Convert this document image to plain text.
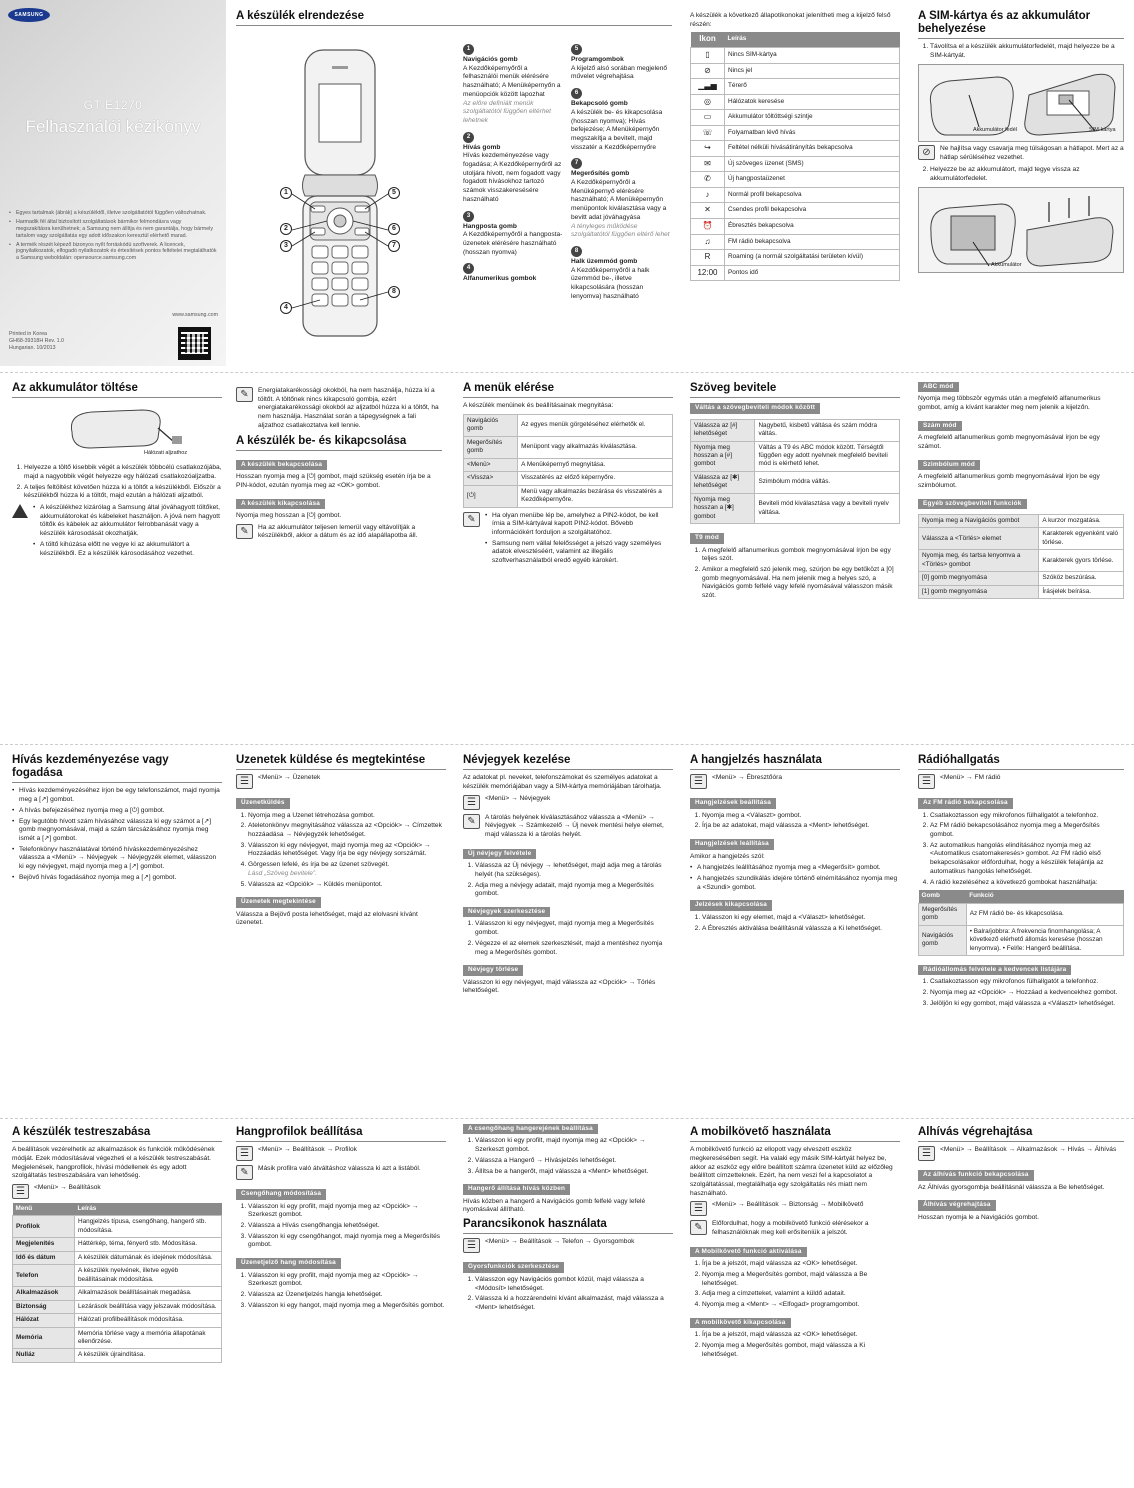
SAMSUNG
GT-E1270
Felhasználói kézikönyv
• Egyes tartalmak (ábrák) a készüléktől, illetve szolgáltatótól függően változhatnak.
• Harmadik fél által biztosított szolgáltatások bármikor felmondásra vagy megszakításra kerülhetnek; a Samsung nem állítja és nem garantálja, hogy bármely tartalom vagy szolgáltatás egy adott időszakon keresztül elérhető marad.
• A termék részét képező bizonyos nyílt forráskódú szoftverek. A licencek, jognyilatkozatok, elfogadó nyilatkozatok és értesítések pontos feltételei megtalálhatók a Samsung weboldalán: opensource.samsung.com
www.samsung.com
Printed in Korea
GH68-39318H Rev. 1.0
Hungarian. 10/2013
A készülék elrendezése
1
2
3
4
5
6
7
8
1
Navigációs gomb
A Kezdőképernyőről a felhasználói menük elérésére használható; A Menüképernyőn a menüopciók között lapozhat
Az előre definiált menük szolgáltatótól függően eltérhet lehetnek
2
Hívás gomb
Hívás kezdeményezése vagy fogadása; A Kezdőképernyőről az utoljára hívott, nem fogadott vagy fogadott hívásokhoz tartozó számok visszakeresésére használható
3
Hangposta gomb
A Kezdőképernyőről a hangposta-üzenetek elérésére használható (hosszan nyomva)
4
Alfanumerikus gombok
5
Programgombok
A kijelző alsó sorában megjelenő művelet végrehajtása
6
Bekapcsoló gomb
A készülék be- és kikapcsolása (hosszan nyomva); Hívás befejezése; A Menüképernyőn megszakítja a bevitelt, majd visszatér a Kezdőképernyőre
7
Megerősítés gomb
A Kezdőképernyőről a Menüképernyő elérésére használható; A Menüképernyőn menüpontok kiválasztása vagy a bevitt adat jóváhagyása
A tényleges működése szolgáltatótól függően eltérő lehet
8
Halk üzemmód gomb
A Kezdőképernyőről a halk üzemmód be-, illetve kikapcsolására (hosszan lenyomva) használható

A készülék a következő állapotikonokat jelenítheti meg a kijelző felső részén:

Ikon	Leírás
▯	Nincs SIM-kártya
⊘	Nincs jel
▁▃▅	Térerő
◎	Hálózatok keresése
▭	Akkumulátor töltöttségi szintje
☏	Folyamatban lévő hívás
↪	Feltétel nélküli hívásátirányítás bekapcsolva
✉	Új szöveges üzenet (SMS)
✆	Új hangpostaüzenet
♪	Normál profil bekapcsolva
✕	Csendes profil bekapcsolva
⏰	Ébresztés bekapcsolva
♫	FM rádió bekapcsolva
R	Roaming (a normál szolgáltatási területen kívül)
12:00	Pontos idő
A SIM-kártya és az akkumulátor behelyezése
1. Távolítsa el a készülék akkumulátorfedelét, majd helyezze be a SIM-kártyát.
Akkumulátor fedél	SIM-kártya
⊘	Ne hajlítsa vagy csavarja meg túlságosan a hátlapot. Mert az a hátlap sérüléséhez vezethet.
2. Helyezze be az akkumulátort, majd tegye vissza az akkumulátorfedelet.
Akkumulátor
Az akkumulátor töltése
Hálózati aljzathoz
1. Helyezze a töltő kisebbik végét a készülék többcélú csatlakozójába, majd a nagyobbik végét helyezze egy hálózati csatlakozóaljzatba.
2. A teljes feltöltést követően húzza ki a töltőt a készülékből. Először a készülékből húzza ki a töltőt, majd ezután a hálózati aljzatból.
• A készülékhez kizárólag a Samsung által jóváhagyott töltőket, akkumulátorokat és kábeleket használjon. A jóvá nem hagyott töltők és kábelek az akkumulátor felrobbanását vagy a készülék károsodását okozhatják.
• A töltő kihúzása előtt ne vegye ki az akkumulátort a készülékből. Ez a készülék károsodásához vezethet.
✎	Energiatakarékossági okokból, ha nem használja, húzza ki a töltőt. A töltőnek nincs kikapcsoló gombja, ezért energiatakarékossági okokból az aljzatból húzza ki a töltőt, ha nem használja. Használat során a tápegységnek a fali aljzathoz csatlakoztatva kell lennie.
A készülék be- és kikapcsolása
A készülék bekapcsolása

Hosszan nyomja meg a [⏻] gombot, majd szükség esetén írja be a PIN-kódot, ezután nyomja meg az <OK> gombot.

A készülék kikapcsolása

Nyomja meg hosszan a [⏻] gombot.

✎	Ha az akkumulátor teljesen lemerül vagy eltávolítják a készülékből, akkor a dátum és az idő alapállapotba áll.
A menük elérése

A készülék menüinek és beállításainak megnyitása:

Navigációs gomb	Az egyes menük görgetéséhez elérhetők el.
Megerősítés gomb	Menüpont vagy alkalmazás kiválasztása.
<Menü>	A Menüképernyő megnyitása.
<Vissza>	Visszatérés az előző képernyőre.
[⏻]	Menü vagy alkalmazás bezárása és visszatérés a Kezdőképernyőre.
✎	• Ha olyan menübe lép be, amelyhez a PIN2-kódot, be kell írnia a SIM-kártyával kapott PIN2-kódot. Bővebb információkért forduljon a szolgáltatóhoz.
• Samsung nem vállal felelősséget a jelszó vagy személyes adatok elvesztéséért, valamint az illegális szoftverhasználatból eredő egyéb károkért.
Szöveg bevitele
Váltás a szövegbeviteli módok között
Válassza az [#] lehetőséget	Nagybetű, kisbetű váltása és szám módra váltás.
Nyomja meg hosszan a [#] gombot	Váltás a T9 és ABC módok között. Térségtől függően egy adott nyelvnek megfelelő beviteli mód is elérhető lehet.
Válassza az [✱] lehetőséget	Szimbólum módra váltás.
Nyomja meg hosszan a [✱] gombot	Beviteli mód kiválasztása vagy a beviteli nyelv váltása.
T9 mód
1. A megfelelő alfanumerikus gombok megnyomásával írjon be egy teljes szót.
2. Amikor a megfelelő szó jelenik meg, szúrjon be egy betűközt a [0] gomb megnyomásával. Ha nem jelenik meg a helyes szó, a Navigációs gomb felfelé vagy lefelé nyomásával válasszon másik szót.
ABC mód

Nyomja meg többször egymás után a megfelelő alfanumerikus gombot, amíg a kívánt karakter meg nem jelenik a kijelzőn.

Szám mód

A megfelelő alfanumerikus gomb megnyomásával írjon be egy számot.

Szimbólum mód

A megfelelő alfanumerikus gomb megnyomásával írjon be egy szimbólumot.

Egyéb szövegbeviteli funkciók
Nyomja meg a Navigációs gombot	A kurzor mozgatása.
Válassza a <Törlés> elemet	Karakterek egyenként való törlése.
Nyomja meg, és tartsa lenyomva a <Törlés> gombot	Karakterek gyors törlése.
[0] gomb megnyomása	Szóköz beszúrása.
[1] gomb megnyomása	Írásjelek beírása.
Hívás kezdeményezése vagy fogadása
• Hívás kezdeményezéséhez írjon be egy telefonszámot, majd nyomja meg a [↗] gombot.
• A hívás befejezéséhez nyomja meg a [⏻] gombot.
• Egy legutóbb hívott szám hívásához válassza ki egy számot a [↗] gomb megnyomásával, majd a szám tárcsázásához nyomja meg ismét a [↗] gombot.
• Telefonkönyv használatával történő híváskezdeményezéshez válassza a <Menü> → Névjegyek → Névjegyzék elemet, válasszon ki egy névjegyet, majd nyomja meg a [↗] gombot.
• Bejövő hívás fogadásához nyomja meg a [↗] gombot.
Üzenetek küldése és megtekintése
☰	<Menü> → Üzenetek
Üzenetküldés
1. Nyomja meg a Uzenet létrehozása gombot.
2. Ateletonkönyv megnyitásához válassza az <Opciók> → Címzettek hozzáadása → Névjegyzék lehetőséget.
3. Válasszon ki egy névjegyet, majd nyomja meg az <Opciók> → Hozzáadás lehetőséget. Vagy írja be egy névjegy sorszámát.
4. Görgessen lefelé, és írja be az üzenet szövegét.
Lásd „Szöveg bevitele”.
5. Válassza az <Opciók> → Küldés menüpontot.
Üzenetek megtekintése

Válassza a Bejövő posta lehetőséget, majd az elolvasni kívánt üzenetet.

Névjegyek kezelése

Az adatokat pl. neveket, telefonszámokat és személyes adatokat a készülék memóriájában vagy a SIM-kártya memóriájában tárolhatja.

☰	<Menü> → Névjegyek
✎	A tárolás helyének kiválasztásához válassza a <Menü> → Névjegyek → Számkezelő → Új nevek mentési helye elemet, majd válassza ki a tárolás helyét.
Új névjegy felvétele
1. Válassza az Új névjegy → lehetőséget, majd adja meg a tárolás helyét (ha szükséges).
2. Adja meg a névjegy adatait, majd nyomja meg a Megerősítés gombot.
Névjegyek szerkesztése
1. Válasszon ki egy névjegyet, majd nyomja meg a Megerősítés gombot.
2. Végezze el az elemek szerkesztését, majd a mentéshez nyomja meg a Megerősítés gombot.
Névjegy törlése

Válasszon ki egy névjegyet, majd válassza az <Opciók> → Törlés lehetőséget.

A hangjelzés használata
☰	<Menü> → Ébresztőóra
Hangjelzések beállítása
1. Nyomja meg a <Választ> gombot.
2. Írja be az adatokat, majd válassza a <Ment> lehetőséget.
Hangjelzések leállítása

Amikor a hangjelzés szól:

• A hangjelzés leállításához nyomja meg a <Megerősít> gombot.
• A hangjelzés szundikálás idejére történő elnémításához nyomja meg a <Szundi> gombot.
Jelzések kikapcsolása
1. Válasszon ki egy elemet, majd a <Választ> lehetőséget.
2. A Ébresztés aktiválása beállításnál válassza a Ki lehetőséget.
Rádióhallgatás
☰	<Menü> → FM rádió
Az FM rádió bekapcsolása
1. Csatlakoztasson egy mikrofonos fülhallgatót a telefonhoz.
2. Az FM rádió bekapcsolásához nyomja meg a Megerősítés gombot.
3. Az automatikus hangolás elindításához nyomja meg az <Automatikus csatornakeresés> gombot. Az FM rádió első bekapcsolásakor előfordulhat, hogy a készülék felajánlja az automatikus hangolás lehetőségét.
4. A rádió kezeléséhez a következő gombokat használhatja:
Gomb	Funkció
Megerősítés gomb	Az FM rádió be- és kikapcsolása.
Navigációs gomb	• Balra/jobbra: A frekvencia finomhangolása; A következő elérhető állomás keresése (hosszan lenyomva). • Fel/le: Hangerő beállítása.
Rádióállomás felvétele a kedvencek listájára
1. Csatlakoztasson egy mikrofonos fülhallgatót a telefonhoz.
2. Nyomja meg az <Opciók> → Hozzáad a kedvencekhez gombot.
3. Jelöljön ki egy gombot, majd válassza a <Választ> lehetőséget.
A készülék testreszabása

A beállítások vezérelhetik az alkalmazások és funkciók működésének módját. Ezek módosításával végezheti el a készülék testreszabását. Megjelenések, hangprofilok, hívási módellenek és egy adott szolgáltatás testreszabására van lehetőség.

☰	<Menü> → Beállítások
Menü	Leírás
Profilok	Hangjelzés típusa, csengőhang, hangerő stb. módosítása.
Megjelenítés	Háttérkép, téma, fényerő stb. Módosítása.
Idő és dátum	A készülék dátumának és idejének módosítása.
Telefon	A készülék nyelvének, illetve egyéb beállításainak módosítása.
Alkalmazások	Alkalmazások beállításainak megadása.
Biztonság	Lezárások beállítása vagy jelszavak módosítása.
Hálózat	Hálózati profilbeállítások módosítása.
Memória	Memória törlése vagy a memória állapotának ellenőrzése.
Nulláz	A készülék újraindítása.
Hangprofilok beállítása
☰	<Menü> → Beállítások → Profilok
✎	Másik profilra való átváltáshoz válassza ki azt a listából.
Csengőhang módosítása
1. Válasszon ki egy profilt, majd nyomja meg az <Opciók> → Szerkeszt gombot.
2. Válassza a Hívás csengőhangja lehetőséget.
3. Válasszon ki egy csengőhangot, majd nyomja meg a Megerősítés gombot.
Üzenetjelző hang módosítása
1. Válasszon ki egy profilt, majd nyomja meg az <Opciók> → Szerkeszt gombot.
2. Válassza az Üzenetjelzés hangja lehetőséget.
3. Válasszon ki egy hangot, majd nyomja meg a Megerősítés gombot.
A csengőhang hangerejének beállítása
1. Válasszon ki egy profilt, majd nyomja meg az <Opciók> → Szerkeszt gombot.
2. Válassza a Hangerő → Hívásjelzés lehetőséget.
3. Állítsa be a hangerőt, majd válassza a <Ment> lehetőséget.
Hangerő állítása hívás közben

Hívás közben a hangerő a Navigációs gomb felfelé vagy lefelé nyomásával állítható.

Parancsikonok használata
☰	<Menü> → Beállítások → Telefon → Gyorsgombok
Gyorsfunkciók szerkesztése
1. Válasszon egy Navigációs gombot közül, majd válassza a <Módosít> lehetőséget.
2. Válassza ki a hozzárendelni kívánt alkalmazást, majd válassza a <Ment> lehetőséget.
A mobilkövető használata

A mobilkövető funkció az ellopott vagy elveszett eszköz megkeresésében segít. Ha valaki egy másik SIM-kártyát helyez be, akkor az eszköz egy előre beállított számra üzenetet küld az előzőleg beállított címzetteknek. Ezért, ha nem veszi fel a kapcsolatot a szolgáltatással, megtalálhatja egy szolgáltatás rés miatt nem használható.

☰	<Menü> → Beállítások → Biztonság → Mobilkövető
✎	Előfordulhat, hogy a mobilkövető funkció elérésekor a felhasználóknak meg kell erősíteniük a jelszót.
A Mobilkövető funkció aktiválása
1. Írja be a jelszót, majd válassza az <OK> lehetőséget.
2. Nyomja meg a Megerősítés gombot, majd válassza a Be lehetőséget.
3. Adja meg a címzetteket, valamint a küldő adatait.
4. Nyomja meg a <Ment> → <Elfogad> programgombot.
A mobilkövető kikapcsolása
1. Írja be a jelszót, majd válassza az <OK> lehetőséget.
2. Nyomja meg a Megerősítés gombot, majd válassza a Ki lehetőséget.
Álhívás végrehajtása
☰	<Menü> → Beállítások → Alkalmazások → Hívás → Álhívás
Az álhívás funkció bekapcsolása

Az Álhívás gyorsgombja beállításnál válassza a Be lehetőséget.

Álhívás végrehajtása

Hosszan nyomja le a Navigációs gombot.
